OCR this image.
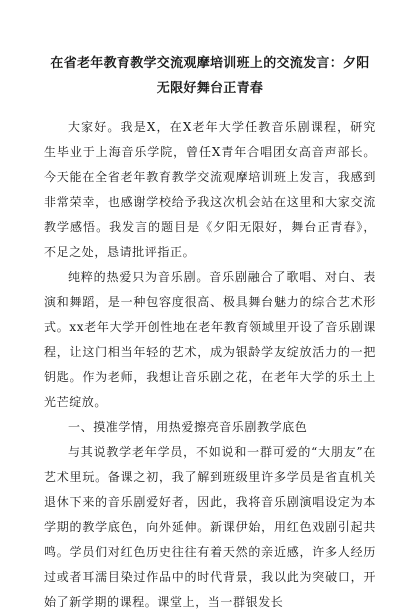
在省老年教育教学交流观摩培训班上的交流发言：夕阳无限好舞台正青春

大家好。我是X，在X老年大学任教音乐剧课程，研究生毕业于上海音乐学院，曾任X青年合唱团女高音声部长。今天能在全省老年教育教学交流观摩培训班上发言，我感到非常荣幸，也感谢学校给予我这次机会站在这里和大家交流教学感悟。我发言的题目是《夕阳无限好，舞台正青春》，不足之处，恳请批评指正。

纯粹的热爱只为音乐剧。音乐剧融合了歌唱、对白、表演和舞蹈，是一种包容度很高、极具舞台魅力的综合艺术形式。xx老年大学开创性地在老年教育领域里开设了音乐剧课程，让这门相当年轻的艺术，成为银龄学友绽放活力的一把钥匙。作为老师，我想让音乐剧之花，在老年大学的乐土上光芒绽放。

一、摸准学情，用热爱擦亮音乐剧教学底色

与其说教学老年学员，不如说和一群可爱的“大朋友”在艺术里玩。备课之初，我了解到班级里许多学员是省直机关退休下来的音乐剧爱好者，因此，我将音乐剧演唱设定为本学期的教学底色，向外延伸。新课伊始，用红色戏剧引起共鸣。学员们对红色历史往往有着天然的亲近感，许多人经历过或者耳濡目染过作品中的时代背景，我以此为突破口，开始了新学期的课程。课堂上，当一群银发长
